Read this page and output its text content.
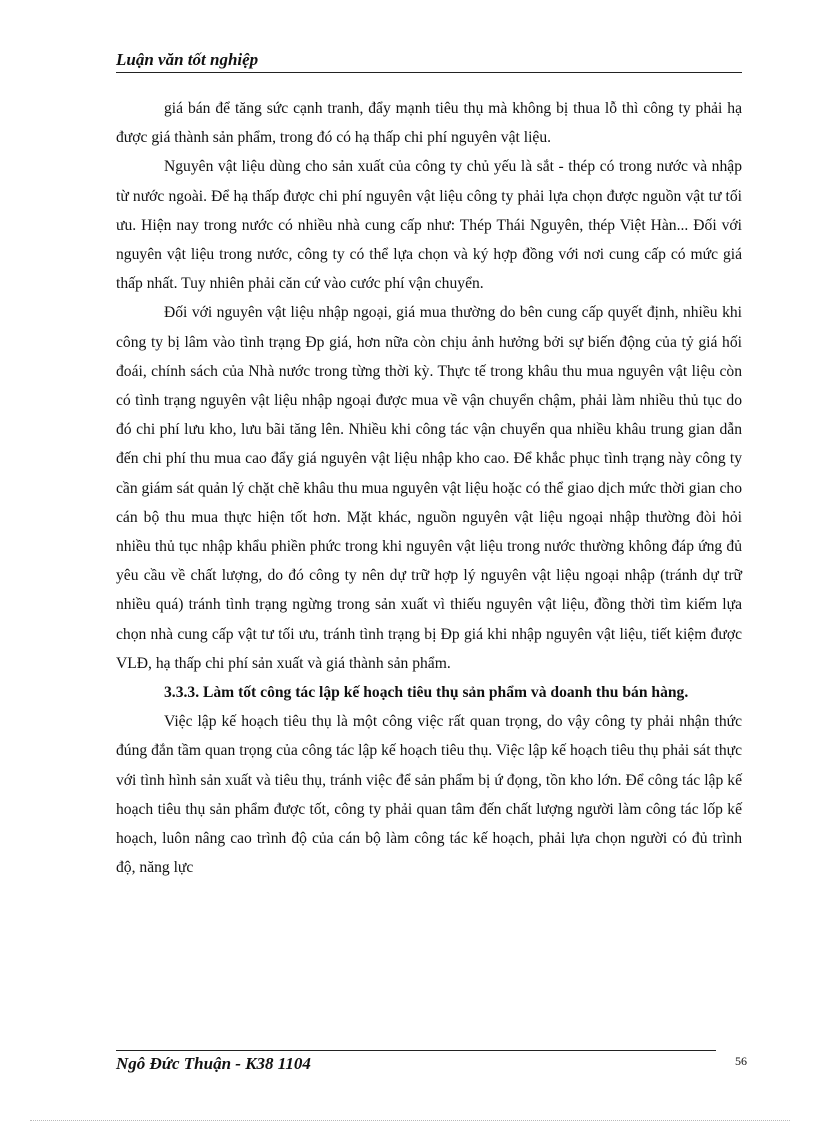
Luận văn tốt nghiệp

giá bán để tăng sức cạnh tranh, đẩy mạnh tiêu thụ mà không bị thua lỗ thì công ty phải hạ được giá thành sản phẩm, trong đó có hạ thấp chi phí nguyên vật liệu.

Nguyên vật liệu dùng cho sản xuất của công ty chủ yếu là sắt - thép có trong nước và nhập từ nước ngoài. Để hạ thấp được chi phí nguyên vật liệu công ty phải lựa chọn được nguồn vật tư tối ưu. Hiện nay trong nước có nhiều nhà cung cấp như: Thép Thái Nguyên, thép Việt Hàn... Đối với nguyên vật liệu trong nước, công ty có thể lựa chọn và ký hợp đồng với nơi cung cấp có mức giá thấp nhất. Tuy nhiên phải căn cứ vào cước phí vận chuyển.

Đối với nguyên vật liệu nhập ngoại, giá mua thường do bên cung cấp quyết định, nhiều khi công ty bị lâm vào tình trạng Ðp giá, hơn nữa còn chịu ảnh hưởng bởi sự biến động của tỷ giá hối đoái, chính sách của Nhà nước trong từng thời kỳ. Thực tế trong khâu thu mua nguyên vật liệu còn có tình trạng nguyên vật liệu nhập ngoại được mua về vận chuyển chậm, phải làm nhiều thủ tục do đó chi phí lưu kho, lưu bãi tăng lên. Nhiều khi công tác vận chuyển qua nhiều khâu trung gian dẫn đến chi phí thu mua cao đẩy giá nguyên vật liệu nhập kho cao. Để khắc phục tình trạng này công ty cần giám sát quản lý chặt chẽ khâu thu mua nguyên vật liệu hoặc có thể giao dịch mức thời gian cho cán bộ thu mua thực hiện tốt hơn. Mặt khác, nguồn nguyên vật liệu ngoại nhập thường đòi hỏi nhiều thủ tục nhập khẩu phiền phức trong khi nguyên vật liệu trong nước thường không đáp ứng đủ yêu cầu về chất lượng, do đó công ty nên dự trữ hợp lý nguyên vật liệu ngoại nhập (tránh dự trữ nhiều quá) tránh tình trạng ngừng trong sản xuất vì thiếu nguyên vật liệu, đồng thời tìm kiếm lựa chọn nhà cung cấp vật tư tối ưu, tránh tình trạng bị Ðp giá khi nhập nguyên vật liệu, tiết kiệm được VLĐ, hạ thấp chi phí sản xuất và giá thành sản phẩm.

3.3.3. Làm tốt công tác lập kế hoạch tiêu thụ sản phẩm và doanh thu bán hàng.

Việc lập kế hoạch tiêu thụ là một công việc rất quan trọng, do vậy công ty phải nhận thức đúng đắn tầm quan trọng của công tác lập kế hoạch tiêu thụ. Việc lập kế hoạch tiêu thụ phải sát thực với tình hình sản xuất và tiêu thụ, tránh việc để sản phẩm bị ứ đọng, tồn kho lớn. Để công tác lập kế hoạch tiêu thụ sản phẩm được tốt, công ty phải quan tâm đến chất lượng người làm công tác lốp kế hoạch, luôn nâng cao trình độ của cán bộ làm công tác kế hoạch, phải lựa chọn người có đủ trình độ, năng lực

Ngô Đức Thuận - K38 1104	56
